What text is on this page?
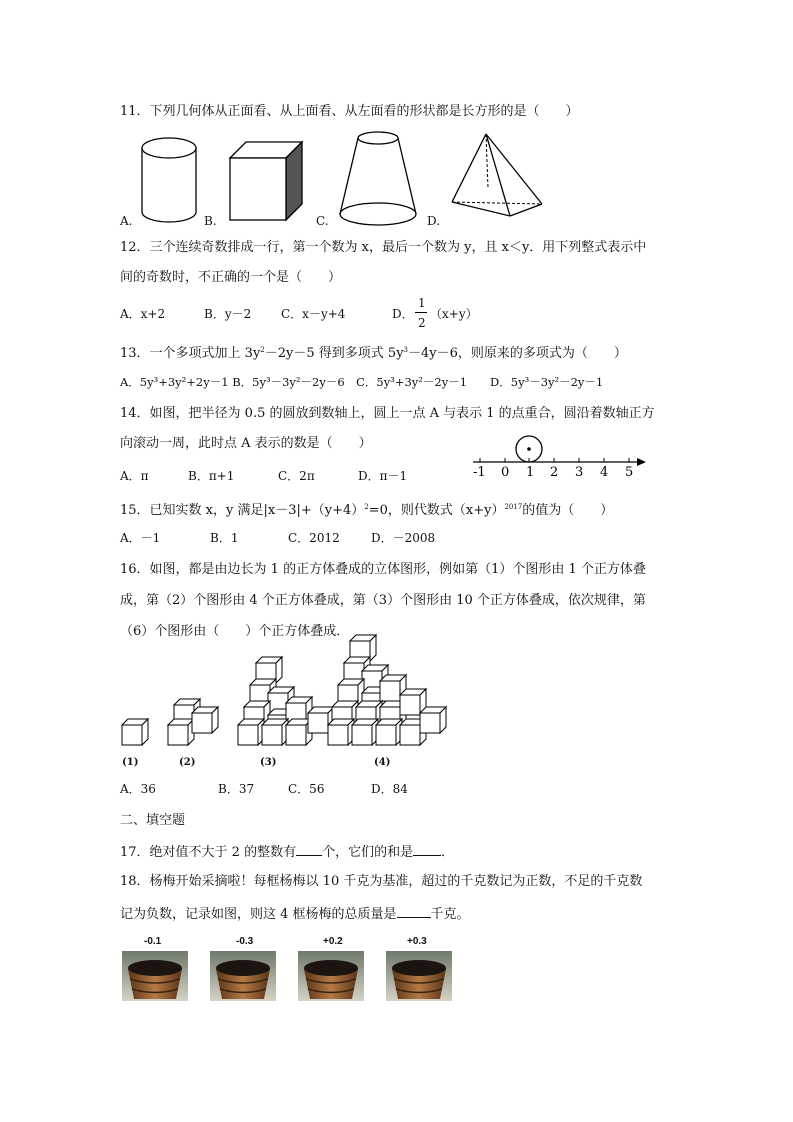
11．下列几何体从正面看、从上面看、从左面看的形状都是长方形的是（　　）
A.	B.	C.	D.
12．三个连续奇数排成一行，第一个数为 x，最后一个数为 y，且 x＜y．用下列整式表示中
间的奇数时，不正确的一个是（　　）
A．x+2	B．y－2 C．x－y+4	D．
1
2
（x+y）
13．一个多项式加上 $3y^2-2y-5$ 得到多项式 $5y^3-4y-6$，则原来的多项式为（　　）
A．5y³+3y²+2y－1 B．5y³－3y²－2y－6　C．5y³+3y²－2y－1　　D．5y³－3y²－2y－1
14．如图，把半径为 0.5 的圆放到数轴上，圆上一点 A 与表示 1 的点重合，圆沿着数轴正方
向滚动一周，此时点 A 表示的数是（　　）
A．π	B．π+1	C．2π	D．π－1	-1 0 1 2 3 4 5
15．已知实数 x，y 满足$|x-3|+(y+4)^2=0$，则代数式$(x+y)^{2017}$的值为（　　）
A．－1	B．1	C．2012	D．－2008
16．如图，都是由边长为 1 的正方体叠成的立体图形，例如第（1）个图形由 1 个正方体叠
成，第（2）个图形由 4 个正方体叠成，第（3）个图形由 10 个正方体叠成，依次规律，第
（6）个图形由（　　）个正方体叠成．
(1)	(2)	(3)	(4)
A．36	B．37	C．56	D．84
二、填空题
17．绝对值不大于 2 的整数有 个，它们的和是 ．
18．杨梅开始采摘啦！每框杨梅以 10 千克为基准，超过的千克数记为正数，不足的千克数
记为负数，记录如图，则这 4 框杨梅的总质量是	千克。
-0.1	-0.3	+0.2	+0.3
